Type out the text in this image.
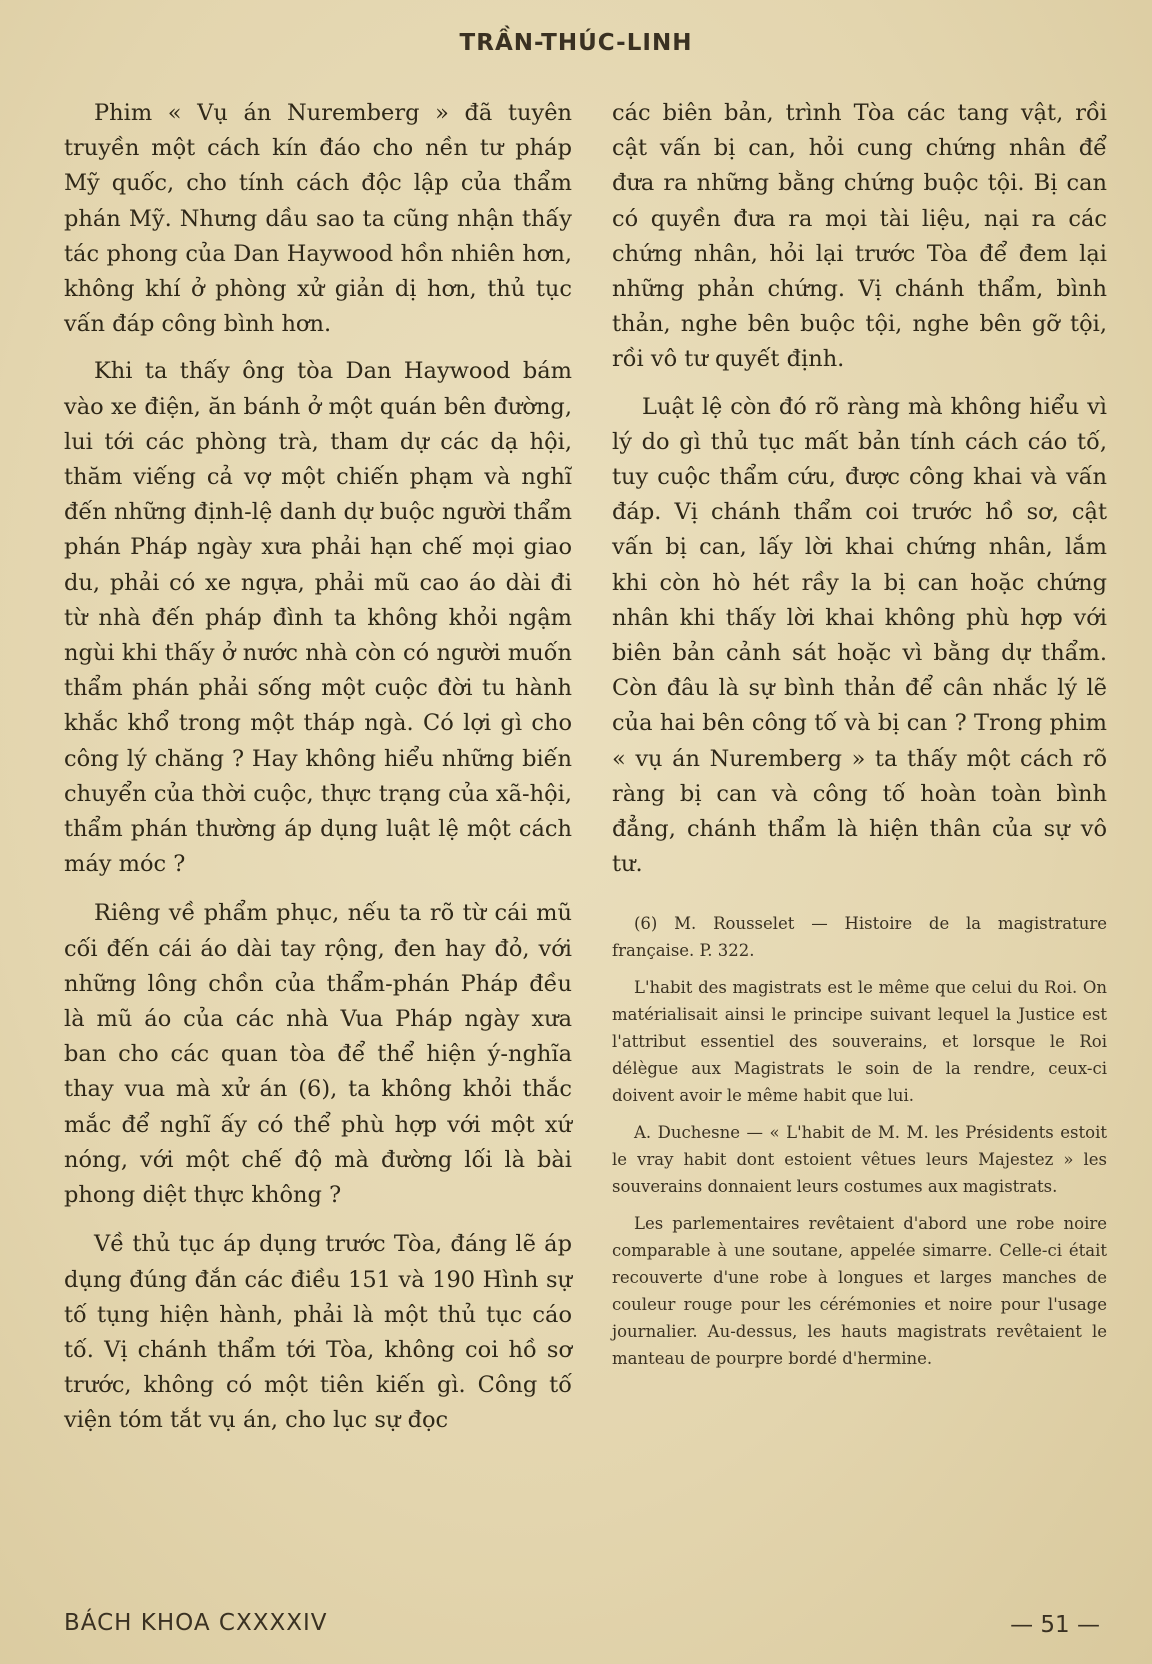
TRẦN-THÚC-LINH

Phim « Vụ án Nuremberg » đã tuyên truyền một cách kín đáo cho nền tư pháp Mỹ quốc, cho tính cách độc lập của thẩm phán Mỹ. Nhưng dầu sao ta cũng nhận thấy tác phong của Dan Haywood hồn nhiên hơn, không khí ở phòng xử giản dị hơn, thủ tục vấn đáp công bình hơn.

Khi ta thấy ông tòa Dan Haywood bám vào xe điện, ăn bánh ở một quán bên đường, lui tới các phòng trà, tham dự các dạ hội, thăm viếng cả vợ một chiến phạm và nghĩ đến những định-lệ danh dự buộc người thẩm phán Pháp ngày xưa phải hạn chế mọi giao du, phải có xe ngựa, phải mũ cao áo dài đi từ nhà đến pháp đình ta không khỏi ngậm ngùi khi thấy ở nước nhà còn có người muốn thẩm phán phải sống một cuộc đời tu hành khắc khổ trong một tháp ngà. Có lợi gì cho công lý chăng ? Hay không hiểu những biến chuyển của thời cuộc, thực trạng của xã-hội, thẩm phán thường áp dụng luật lệ một cách máy móc ?

Riêng về phẩm phục, nếu ta rõ từ cái mũ cối đến cái áo dài tay rộng, đen hay đỏ, với những lông chồn của thẩm-phán Pháp đều là mũ áo của các nhà Vua Pháp ngày xưa ban cho các quan tòa để thể hiện ý-nghĩa thay vua mà xử án (6), ta không khỏi thắc mắc để nghĩ ấy có thể phù hợp với một xứ nóng, với một chế độ mà đường lối là bài phong diệt thực không ?

Về thủ tục áp dụng trước Tòa, đáng lẽ áp dụng đúng đắn các điều 151 và 190 Hình sự tố tụng hiện hành, phải là một thủ tục cáo tố. Vị chánh thẩm tới Tòa, không coi hồ sơ trước, không có một tiên kiến gì. Công tố viện tóm tắt vụ án, cho lục sự đọc

các biên bản, trình Tòa các tang vật, rồi cật vấn bị can, hỏi cung chứng nhân để đưa ra những bằng chứng buộc tội. Bị can có quyền đưa ra mọi tài liệu, nại ra các chứng nhân, hỏi lại trước Tòa để đem lại những phản chứng. Vị chánh thẩm, bình thản, nghe bên buộc tội, nghe bên gỡ tội, rồi vô tư quyết định.

Luật lệ còn đó rõ ràng mà không hiểu vì lý do gì thủ tục mất bản tính cách cáo tố, tuy cuộc thẩm cứu, được công khai và vấn đáp. Vị chánh thẩm coi trước hồ sơ, cật vấn bị can, lấy lời khai chứng nhân, lắm khi còn hò hét rầy la bị can hoặc chứng nhân khi thấy lời khai không phù hợp với biên bản cảnh sát hoặc vì bằng dự thẩm. Còn đâu là sự bình thản để cân nhắc lý lẽ của hai bên công tố và bị can ? Trong phim « vụ án Nuremberg » ta thấy một cách rõ ràng bị can và công tố hoàn toàn bình đẳng, chánh thẩm là hiện thân của sự vô tư.

(6) M. Rousselet — Histoire de la magistrature française. P. 322.

L'habit des magistrats est le même que celui du Roi. On matérialisait ainsi le principe suivant lequel la Justice est l'attribut essentiel des souverains, et lorsque le Roi délègue aux Magistrats le soin de la rendre, ceux-ci doivent avoir le même habit que lui.

A. Duchesne — « L'habit de M. M. les Présidents estoit le vray habit dont estoient vêtues leurs Majestez » les souverains donnaient leurs costumes aux magistrats.

Les parlementaires revêtaient d'abord une robe noire comparable à une soutane, appelée simarre. Celle-ci était recouverte d'une robe à longues et larges manches de couleur rouge pour les cérémonies et noire pour l'usage journalier. Au-dessus, les hauts magistrats revêtaient le manteau de pourpre bordé d'hermine.

BÁCH KHOA CXXXXIV	— 51 —
